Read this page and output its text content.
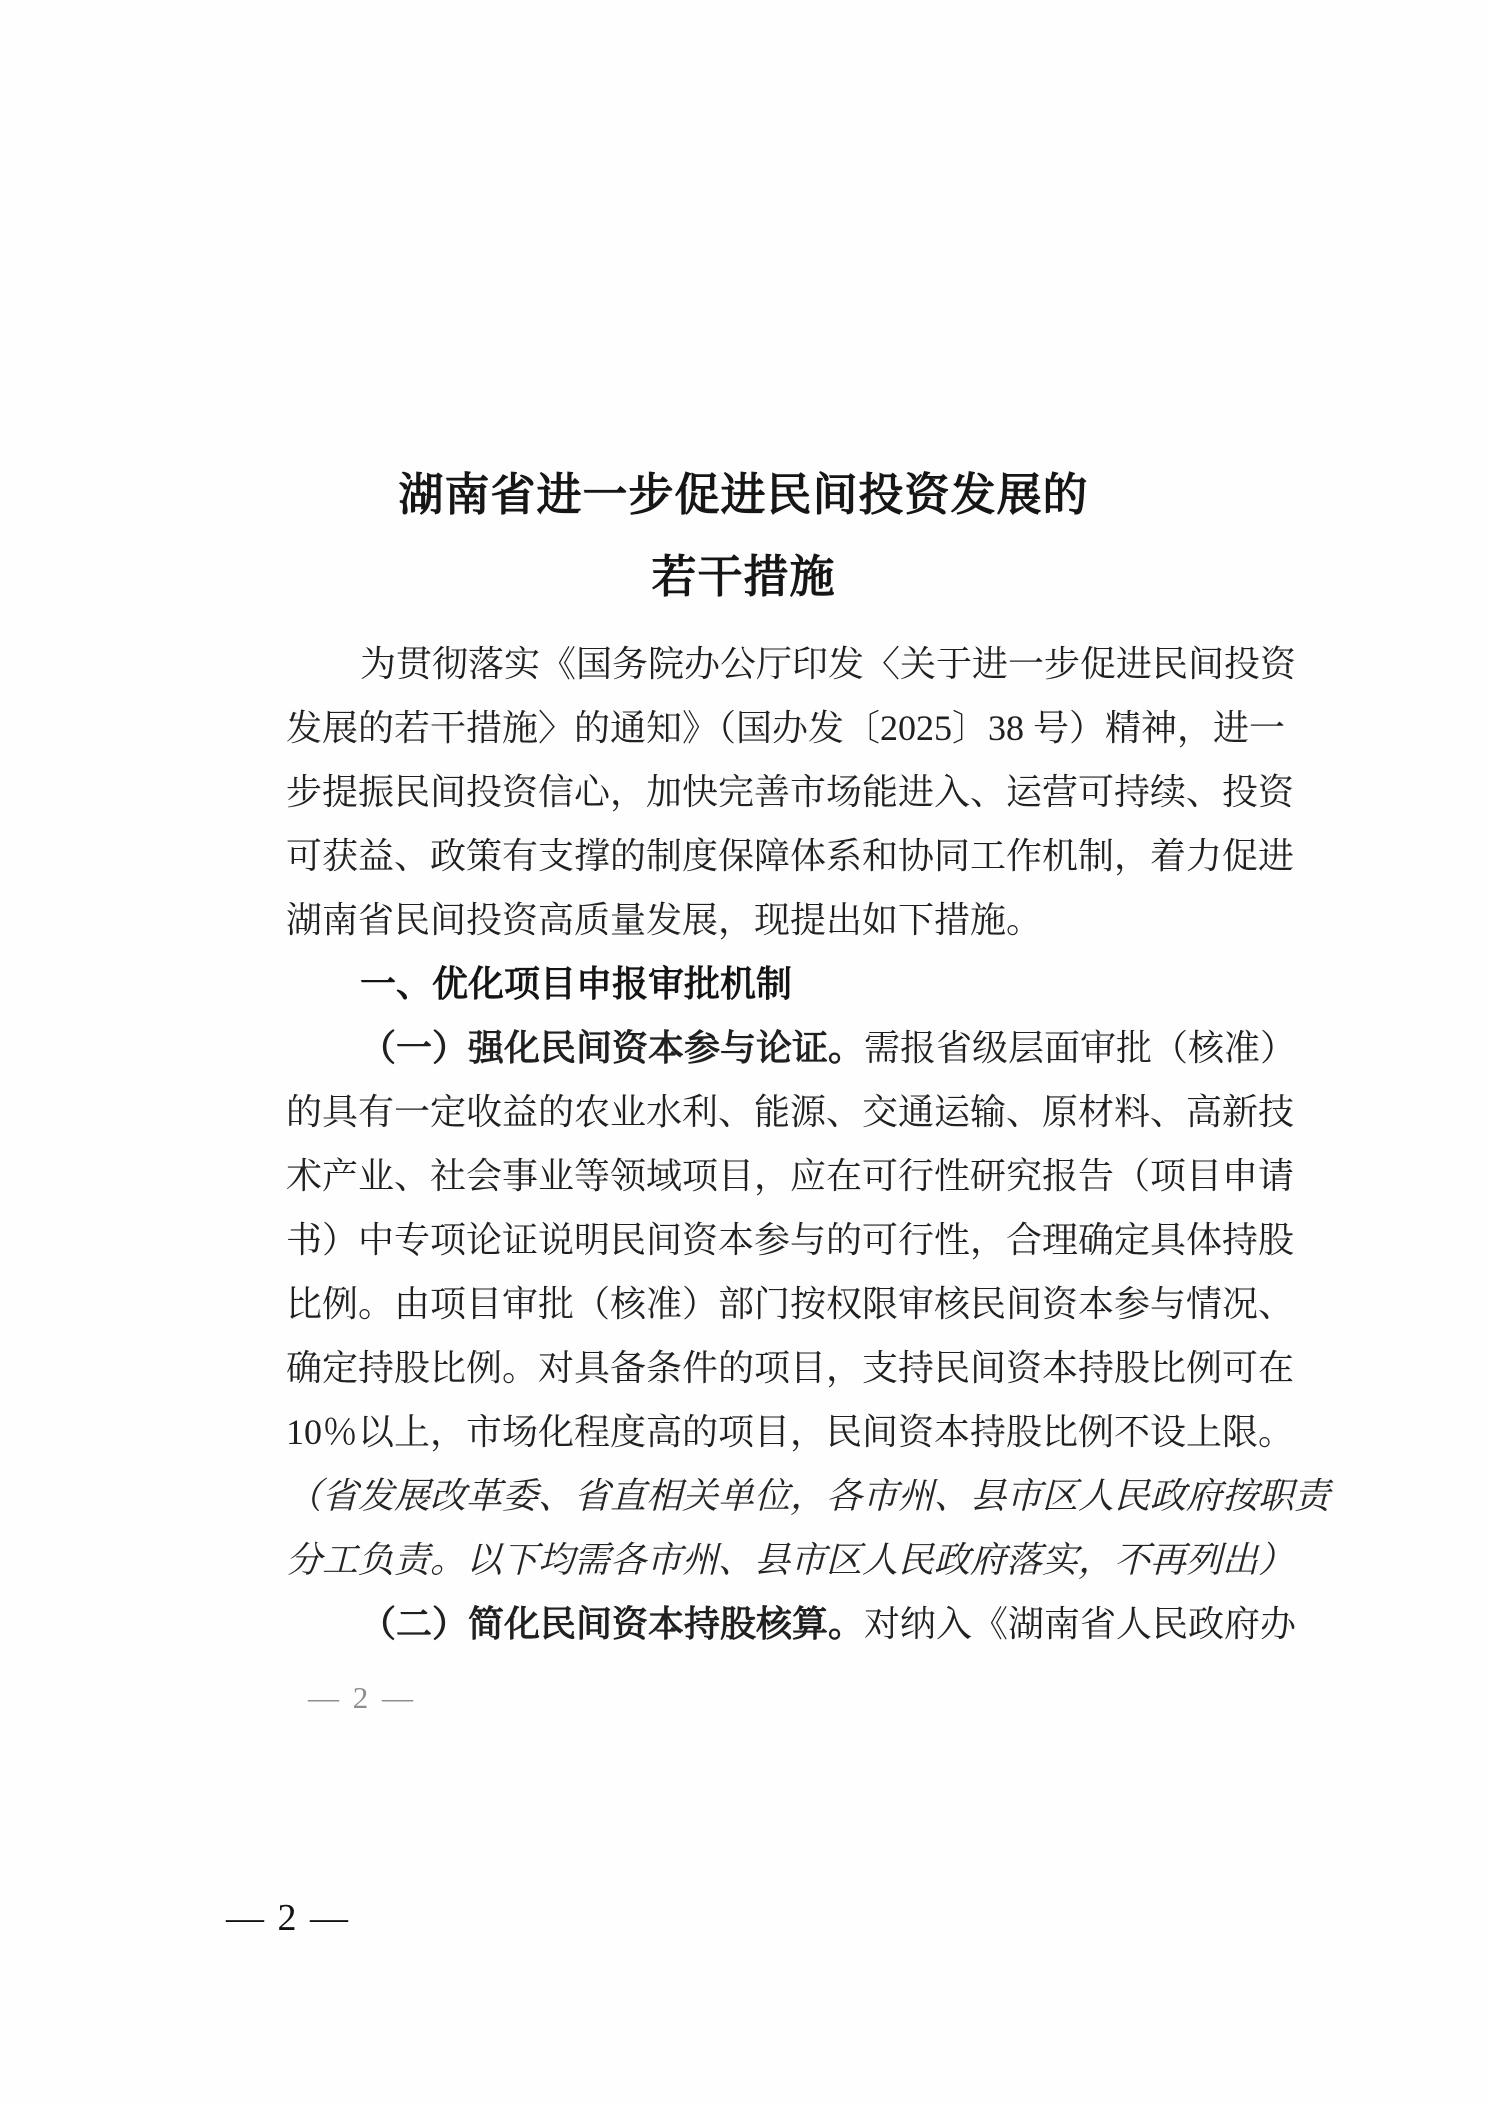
湖南省进一步促进民间投资发展的
若干措施
为贯彻落实《国务院办公厅印发〈关于进一步促进民间投资
发展的若干措施〉的通知》（国办发〔2025〕38 号）精神，进一
步提振民间投资信心，加快完善市场能进入、运营可持续、投资
可获益、政策有支撑的制度保障体系和协同工作机制，着力促进
湖南省民间投资高质量发展，现提出如下措施。
一、优化项目申报审批机制
（一）强化民间资本参与论证。需报省级层面审批（核准）
的具有一定收益的农业水利、能源、交通运输、原材料、高新技
术产业、社会事业等领域项目，应在可行性研究报告（项目申请
书）中专项论证说明民间资本参与的可行性，合理确定具体持股
比例。由项目审批（核准）部门按权限审核民间资本参与情况、
确定持股比例。对具备条件的项目，支持民间资本持股比例可在
10％以上，市场化程度高的项目，民间资本持股比例不设上限。
（省发展改革委、省直相关单位，各市州、县市区人民政府按职责
分工负责。以下均需各市州、县市区人民政府落实，不再列出）
（二）简化民间资本持股核算。对纳入《湖南省人民政府办
— 2 —
— 2 —
